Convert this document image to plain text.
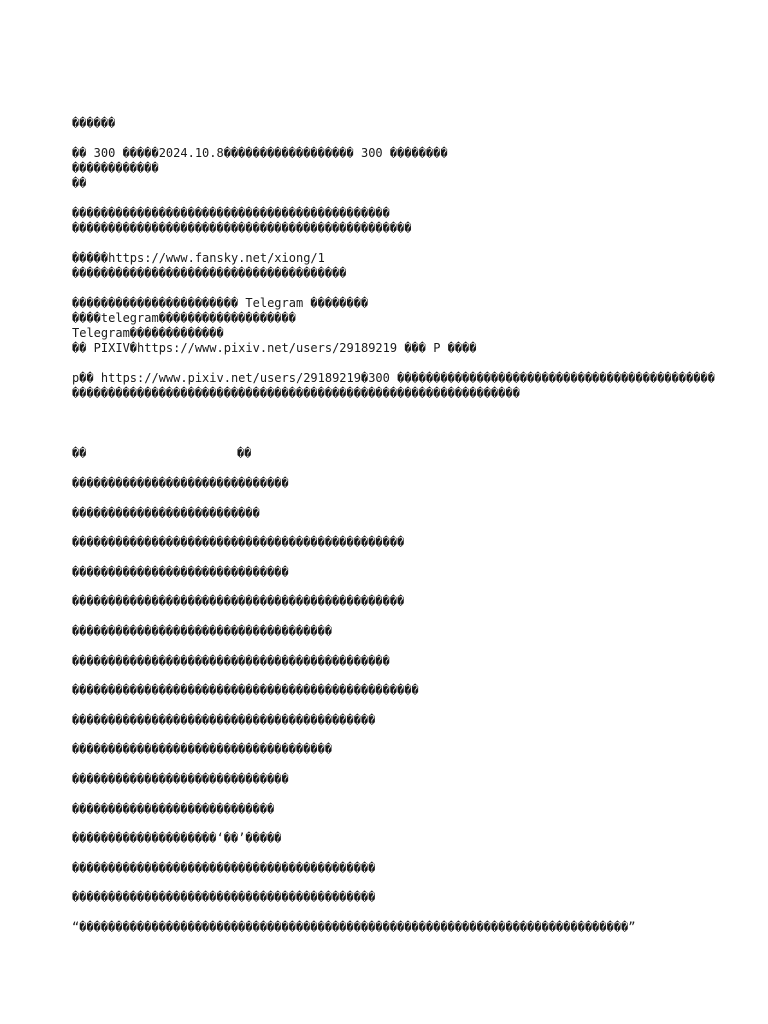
������

�​� 300 �����2024.10.8������������������ 300 ��������

������������

��

��������������������������������������������

�����������������������������������������������

�����https://www.fansky.net/xiong/1

��������������������������������������

����������������������� Telegram ��������

����telegram�������������������

Telegram�������������

�� PIXIV�https://www.pixiv.net/users/29189219 ��� P ����

p�� https://www.pixiv.net/users/29189219�300 ��������������������������������������������

��������������������������������������������������������������

��	��

������������������������������

��������������������������

����������������������������������������������

������������������������������

����������������������������������������������

������������������������������������

��������������������������������������������

������������������������������������������������

������������������������������������������

������������������������������������

������������������������������

����������������������������

��������������������‘��’�����

������������������������������������������

������������������������������������������

“����������������������������������������������������������������������������”
